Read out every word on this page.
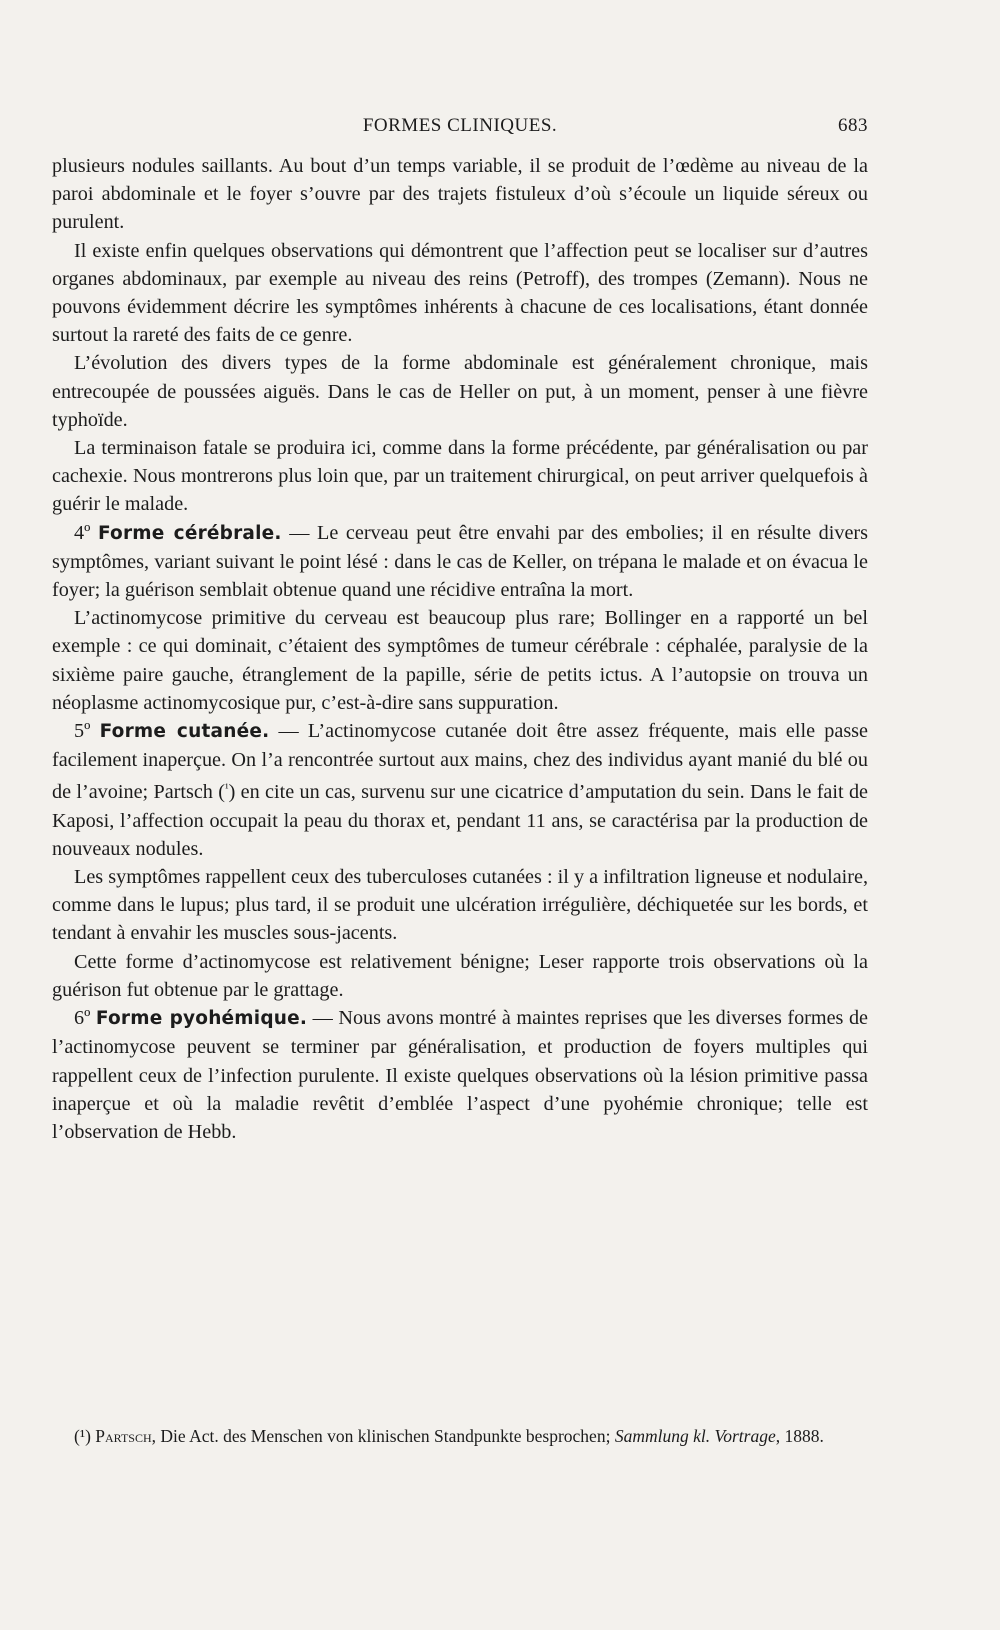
FORMES CLINIQUES.	683

plusieurs nodules saillants. Au bout d’un temps variable, il se produit de l’œdème au niveau de la paroi abdominale et le foyer s’ouvre par des trajets fistuleux d’où s’écoule un liquide séreux ou purulent.

Il existe enfin quelques observations qui démontrent que l’affection peut se localiser sur d’autres organes abdominaux, par exemple au niveau des reins (Petroff), des trompes (Zemann). Nous ne pouvons évidemment décrire les symptômes inhérents à chacune de ces localisations, étant donnée surtout la rareté des faits de ce genre.

L’évolution des divers types de la forme abdominale est généralement chronique, mais entrecoupée de poussées aiguës. Dans le cas de Heller on put, à un moment, penser à une fièvre typhoïde.

La terminaison fatale se produira ici, comme dans la forme précédente, par généralisation ou par cachexie. Nous montrerons plus loin que, par un traitement chirurgical, on peut arriver quelquefois à guérir le malade.

4º Forme cérébrale. — Le cerveau peut être envahi par des embolies; il en résulte divers symptômes, variant suivant le point lésé : dans le cas de Keller, on trépana le malade et on évacua le foyer; la guérison semblait obtenue quand une récidive entraîna la mort.

L’actinomycose primitive du cerveau est beaucoup plus rare; Bollinger en a rapporté un bel exemple : ce qui dominait, c’étaient des symptômes de tumeur cérébrale : céphalée, paralysie de la sixième paire gauche, étranglement de la papille, série de petits ictus. A l’autopsie on trouva un néoplasme actinomycosique pur, c’est-à-dire sans suppuration.

5º Forme cutanée. — L’actinomycose cutanée doit être assez fréquente, mais elle passe facilement inaperçue. On l’a rencontrée surtout aux mains, chez des individus ayant manié du blé ou de l’avoine; Partsch ($^{^1}$) en cite un cas, survenu sur une cicatrice d’amputation du sein. Dans le fait de Kaposi, l’affection occupait la peau du thorax et, pendant 11 ans, se caractérisa par la production de nouveaux nodules.

Les symptômes rappellent ceux des tuberculoses cutanées : il y a infiltration ligneuse et nodulaire, comme dans le lupus; plus tard, il se produit une ulcération irrégulière, déchiquetée sur les bords, et tendant à envahir les muscles sous-jacents.

Cette forme d’actinomycose est relativement bénigne; Leser rapporte trois observations où la guérison fut obtenue par le grattage.

6º Forme pyohémique. — Nous avons montré à maintes reprises que les diverses formes de l’actinomycose peuvent se terminer par généralisation, et production de foyers multiples qui rappellent ceux de l’infection purulente. Il existe quelques observations où la lésion primitive passa inaperçue et où la maladie revêtit d’emblée l’aspect d’une pyohémie chronique; telle est l’observation de Hebb.

(¹) Partsch, Die Act. des Menschen von klinischen Standpunkte besprochen; Sammlung kl. Vortrage, 1888.
